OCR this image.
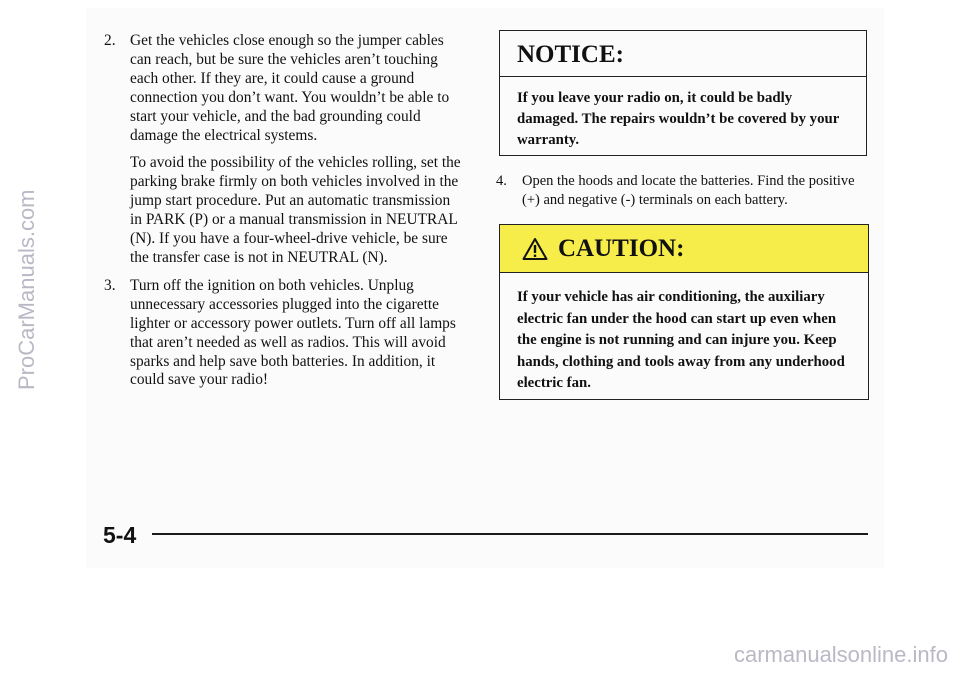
2. Get the vehicles close enough so the jumper cables can reach, but be sure the vehicles aren’t touching each other. If they are, it could cause a ground connection you don’t want. You wouldn’t be able to start your vehicle, and the bad grounding could damage the electrical systems.

To avoid the possibility of the vehicles rolling, set the parking brake firmly on both vehicles involved in the jump start procedure. Put an automatic transmission in PARK (P) or a manual transmission in NEUTRAL (N). If you have a four-wheel-drive vehicle, be sure the transfer case is not in NEUTRAL (N).

3. Turn off the ignition on both vehicles. Unplug unnecessary accessories plugged into the cigarette lighter or accessory power outlets. Turn off all lamps that aren’t needed as well as radios. This will avoid sparks and help save both batteries. In addition, it could save your radio!
NOTICE:
If you leave your radio on, it could be badly damaged. The repairs wouldn’t be covered by your warranty.
4.	Open the hoods and locate the batteries. Find the positive (+) and negative (-) terminals on each battery.
CAUTION:
If your vehicle has air conditioning, the auxiliary electric fan under the hood can start up even when the engine is not running and can injure you. Keep hands, clothing and tools away from any underhood electric fan.
5-4
ProCarManuals.com
carmanualsonline.info
